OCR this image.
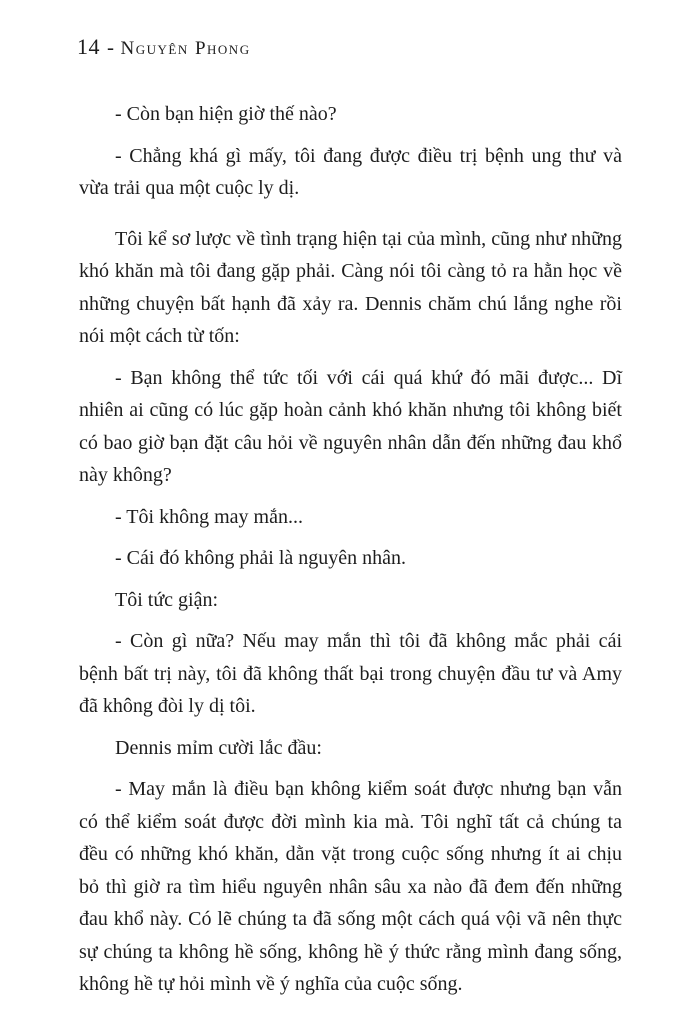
14 - Nguyên Phong

- Còn bạn hiện giờ thế nào?

- Chẳng khá gì mấy, tôi đang được điều trị bệnh ung thư và vừa trải qua một cuộc ly dị.

Tôi kể sơ lược về tình trạng hiện tại của mình, cũng như những khó khăn mà tôi đang gặp phải. Càng nói tôi càng tỏ ra hằn học về những chuyện bất hạnh đã xảy ra. Dennis chăm chú lắng nghe rồi nói một cách từ tốn:

- Bạn không thể tức tối với cái quá khứ đó mãi được... Dĩ nhiên ai cũng có lúc gặp hoàn cảnh khó khăn nhưng tôi không biết có bao giờ bạn đặt câu hỏi về nguyên nhân dẫn đến những đau khổ này không?

- Tôi không may mắn...

- Cái đó không phải là nguyên nhân.

Tôi tức giận:

- Còn gì nữa? Nếu may mắn thì tôi đã không mắc phải cái bệnh bất trị này, tôi đã không thất bại trong chuyện đầu tư và Amy đã không đòi ly dị tôi.

Dennis mỉm cười lắc đầu:

- May mắn là điều bạn không kiểm soát được nhưng bạn vẫn có thể kiểm soát được đời mình kia mà. Tôi nghĩ tất cả chúng ta đều có những khó khăn, dằn vặt trong cuộc sống nhưng ít ai chịu bỏ thì giờ ra tìm hiểu nguyên nhân sâu xa nào đã đem đến những đau khổ này. Có lẽ chúng ta đã sống một cách quá vội vã nên thực sự chúng ta không hề sống, không hề ý thức rằng mình đang sống, không hề tự hỏi mình về ý nghĩa của cuộc sống.
